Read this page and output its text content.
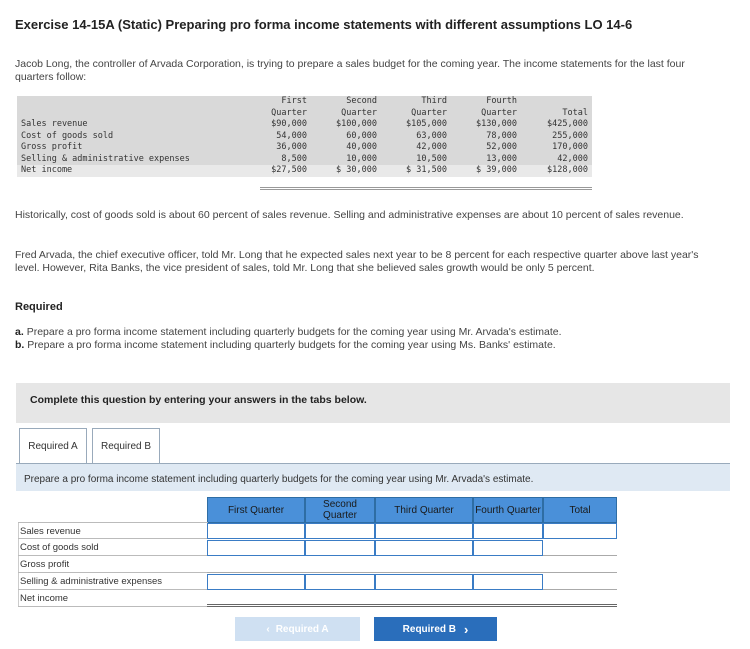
Exercise 14-15A (Static) Preparing pro forma income statements with different assumptions LO 14-6
Jacob Long, the controller of Arvada Corporation, is trying to prepare a sales budget for the coming year. The income statements for the last four quarters follow:
	First	Second	Third	Fourth	
	Quarter	Quarter	Quarter	Quarter	Total
Sales revenue	$90,000	$100,000	$105,000	$130,000	$425,000
Cost of goods sold	54,000	60,000	63,000	78,000	255,000
Gross profit	36,000	40,000	42,000	52,000	170,000
Selling & administrative expenses	8,500	10,000	10,500	13,000	42,000
Net income	$27,500	$ 30,000	$ 31,500	$ 39,000	$128,000
Historically, cost of goods sold is about 60 percent of sales revenue. Selling and administrative expenses are about 10 percent of sales revenue.
Fred Arvada, the chief executive officer, told Mr. Long that he expected sales next year to be 8 percent for each respective quarter above last year's level. However, Rita Banks, the vice president of sales, told Mr. Long that she believed sales growth would be only 5 percent.
Required
a. Prepare a pro forma income statement including quarterly budgets for the coming year using Mr. Arvada's estimate.
b. Prepare a pro forma income statement including quarterly budgets for the coming year using Ms. Banks' estimate.
Complete this question by entering your answers in the tabs below.
Required A	Required B
Prepare a pro forma income statement including quarterly budgets for the coming year using Mr. Arvada's estimate.
First Quarter	Second Quarter	Third Quarter	Fourth Quarter	Total
Sales revenue
Cost of goods sold
Gross profit
Selling & administrative expenses
Net income
‹ Required A	Required B ›
